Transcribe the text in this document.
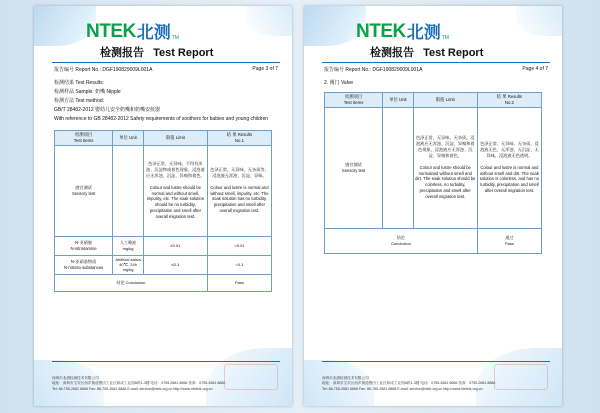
NTEK 北测 TM
检测报告 Test Report
报告编号 Report No.: DGF190829009L001A	Page 3 of 7
检测结果 Test Results：
检测样品 Sample: 奶嘴 Nipple
检测方法 Test method：
GB/T 28482-2012 婴幼儿安全奶嘴和奶嘴安抚器
With reference to GB 28482-2012 Safety requirements of soothers for babies and young children
检测项目
Test Items	单位 Unit	限值 Limit	结 果 Results
No.1
感官测试
Sensory test		色泽正常，无异味，不得有浑浊、沉淀物或着色现象，浸泡液应无浑浊、沉淀、异嗅和着色。

Colour and lustre should be normal and without smell, impurity, etc. The soak solution should be no turbidity, precipitation and smell after overall migration test.	色泽正常，无异味，无杂质等，浸泡液无浑浊、沉淀、异味。

Colour and lustre is normal and without smell, impurity, etc. The soak solution has no turbidity, precipitation and smell after overall migration test.
N-亚硝胺
N-nitrosamine	人工唾液
mg/kg	≤0.01	<0.01
N-亚硝基物质
N-nitroso substances	Artificial saliva 40℃, 24h
mg/kg	≤0.1	<0.1
结论 Conclusion			Pass
深圳市北测检测技术有限公司
地址：深圳市宝安区西乡街道银田工业区和成工业园A栋1-3楼 电话：0755-2681 6666 传真：0755-2681 8888
Tel: 86-755-2681 6666 Fax: 86-755-2681 8888 E-mail: service@ntek.org.cn http://www.ntekhk.org.cn
NTEK 北测 TM
检测报告 Test Report
报告编号 Report No.: DGF190829009L001A	Page 4 of 7
2. 阀门 Valve
检测项目
Test Items	单位 Unit	限值 Limit	结 果 Results
No.2
感官测试
Sensory test		色泽正常，无异味，无杂质，浸泡液应无浑浊、沉淀、异嗅和着色现象，浸泡液应无浑浊、沉淀、异嗅和着色。

Colour and lustre should be normaland without smell and dirt. The soak solution should be colorless, no turbidity, precipitation and smell after overall migration test.	色泽正常，无异味，无杂质，浸泡液无色、无浑浊、无沉淀、无异味，浸泡液无色透明。

Colour and lustre is normal and without smell and dirt. The soak solution is colorless, and has no turbidity, precipitation and smell after overall migration test.
结论
Conclusion			通过
Pass
深圳市北测检测技术有限公司
地址：深圳市宝安区西乡街道银田工业区和成工业园A栋1-3楼 电话：0755-2681 6666 传真：0755-2681 8888
Tel: 86-755-2681 6666 Fax: 86-755-2681 8888 E-mail: service@ntek.org.cn http://www.ntekhk.org.cn
